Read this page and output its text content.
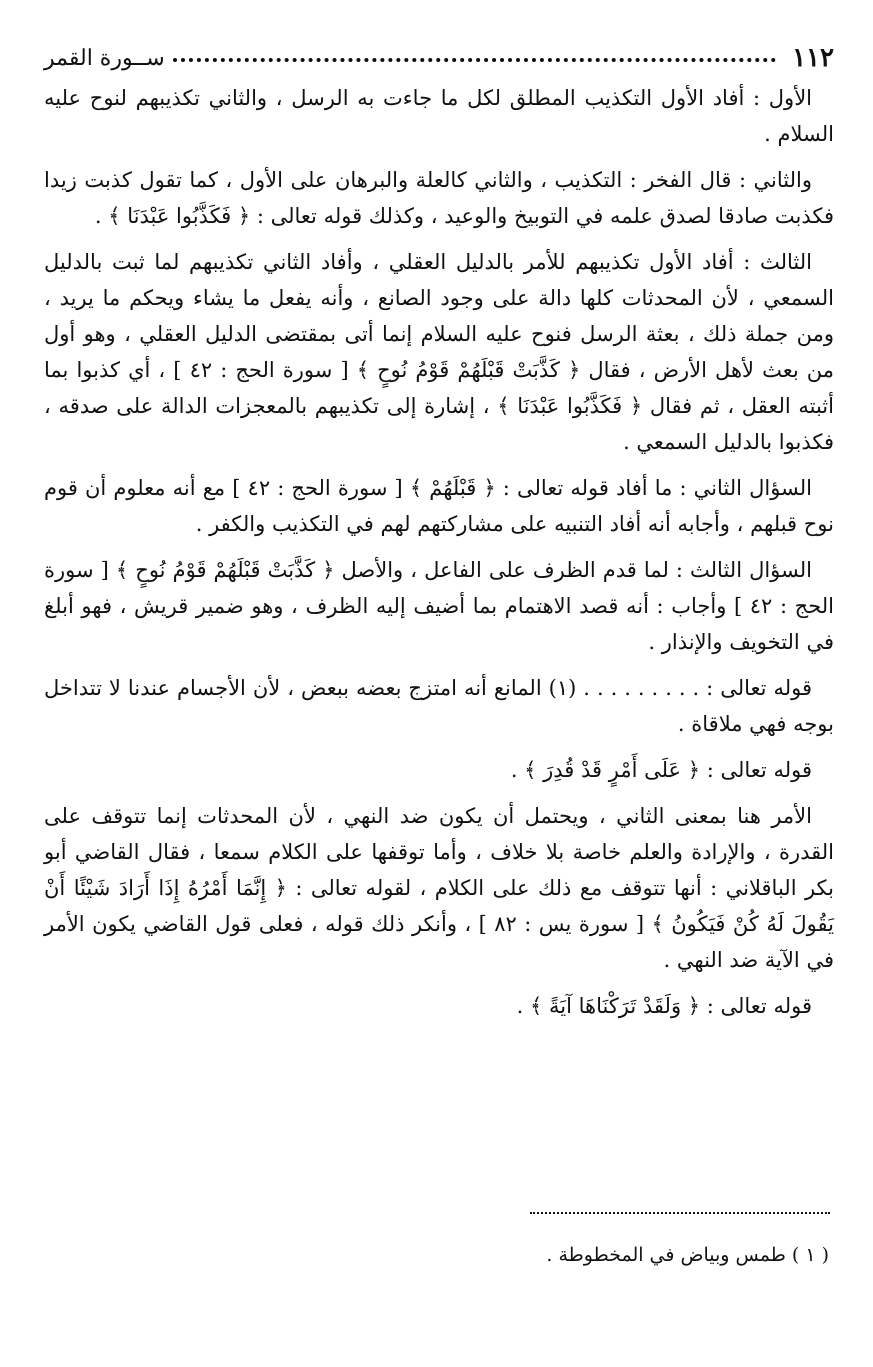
١١٢
ســورة القمر

الأول : أفاد الأول التكذيب المطلق لكل ما جاءت به الرسل ، والثاني تكذيبهم لنوح عليه السلام .

والثاني : قال الفخر : التكذيب ، والثاني كالعلة والبرهان على الأول ، كما تقول كذبت زيدا فكذبت صادقا لصدق علمه في التوبيخ والوعيد ، وكذلك قوله تعالى : ﴿ فَكَذَّبُوا عَبْدَنَا ﴾ .

الثالث : أفاد الأول تكذيبهم للأمر بالدليل العقلي ، وأفاد الثاني تكذيبهم لما ثبت بالدليل السمعي ، لأن المحدثات كلها دالة على وجود الصانع ، وأنه يفعل ما يشاء ويحكم ما يريد ، ومن جملة ذلك ، بعثة الرسل فنوح عليه السلام إنما أتى بمقتضى الدليل العقلي ، وهو أول من بعث لأهل الأرض ، فقال ﴿ كَذَّبَتْ قَبْلَهُمْ قَوْمُ نُوحٍ ﴾ [ سورة الحج : ٤٢ ] ، أي كذبوا بما أثبته العقل ، ثم فقال ﴿ فَكَذَّبُوا عَبْدَنَا ﴾ ، إشارة إلى تكذيبهم بالمعجزات الدالة على صدقه ، فكذبوا بالدليل السمعي .

السؤال الثاني : ما أفاد قوله تعالى : ﴿ قَبْلَهُمْ ﴾ [ سورة الحج : ٤٢ ] مع أنه معلوم أن قوم نوح قبلهم ، وأجابه أنه أفاد التنبيه على مشاركتهم لهم في التكذيب والكفر .

السؤال الثالث : لما قدم الظرف على الفاعل ، والأصل ﴿ كَذَّبَتْ قَبْلَهُمْ قَوْمُ نُوحٍ ﴾ [ سورة الحج : ٤٢ ] وأجاب : أنه قصد الاهتمام بما أضيف إليه الظرف ، وهو ضمير قريش ، فهو أبلغ في التخويف والإنذار .

قوله تعالى : . . . . . . . . . (١) المانع أنه امتزج بعضه ببعض ، لأن الأجسام عندنا لا تتداخل بوجه فهي ملاقاة .

قوله تعالى : ﴿ عَلَى أَمْرٍ قَدْ قُدِرَ ﴾ .

الأمر هنا بمعنى الثاني ، ويحتمل أن يكون ضد النهي ، لأن المحدثات إنما تتوقف على القدرة ، والإرادة والعلم خاصة بلا خلاف ، وأما توقفها على الكلام سمعا ، فقال القاضي أبو بكر الباقلاني : أنها تتوقف مع ذلك على الكلام ، لقوله تعالى : ﴿ إِنَّمَا أَمْرُهُ إِذَا أَرَادَ شَيْئًا أَنْ يَقُولَ لَهُ كُنْ فَيَكُونُ ﴾ [ سورة يس : ٨٢ ] ، وأنكر ذلك قوله ، فعلى قول القاضي يكون الأمر في الآية ضد النهي .

قوله تعالى : ﴿ وَلَقَدْ تَرَكْنَاهَا آيَةً ﴾ .

( ١ ) طمس وبياض في المخطوطة .
